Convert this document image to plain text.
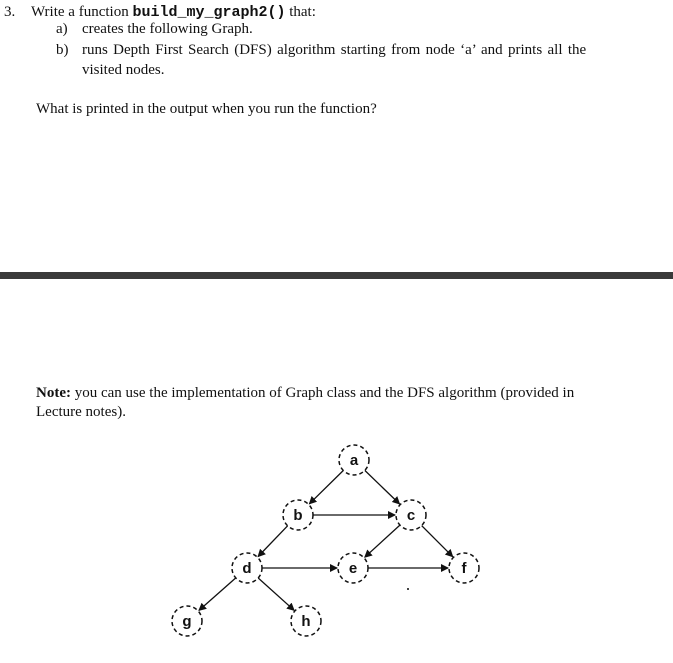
3. Write a function build_my_graph2() that:
a) creates the following Graph.
b) runs Depth First Search (DFS) algorithm starting from node ‘a’ and prints all the
visited nodes.
What is printed in the output when you run the function?
Note: you can use the implementation of Graph class and the DFS algorithm (provided in
Lecture notes).
a
b	c
d	e	f
g	h
